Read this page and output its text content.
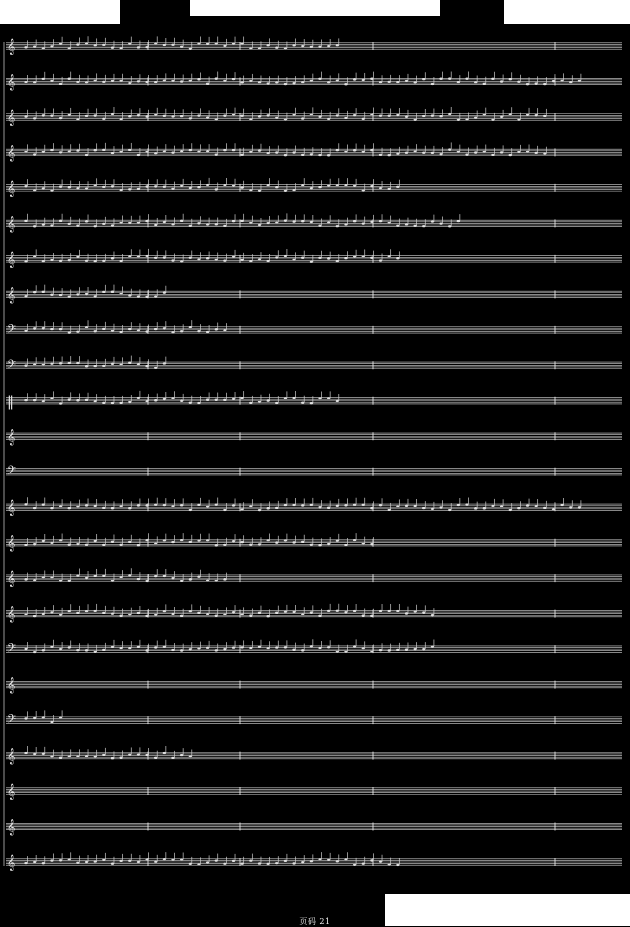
𝄞
𝄞
𝄞
𝄞
𝄞
𝄞
𝄞
𝄞
𝄢
𝄢
‖
𝄞
𝄢
𝄞
𝄞
𝄞
𝄞
𝄢
𝄞
𝄢
𝄞
𝄞
𝄞
𝄞
页码 21
